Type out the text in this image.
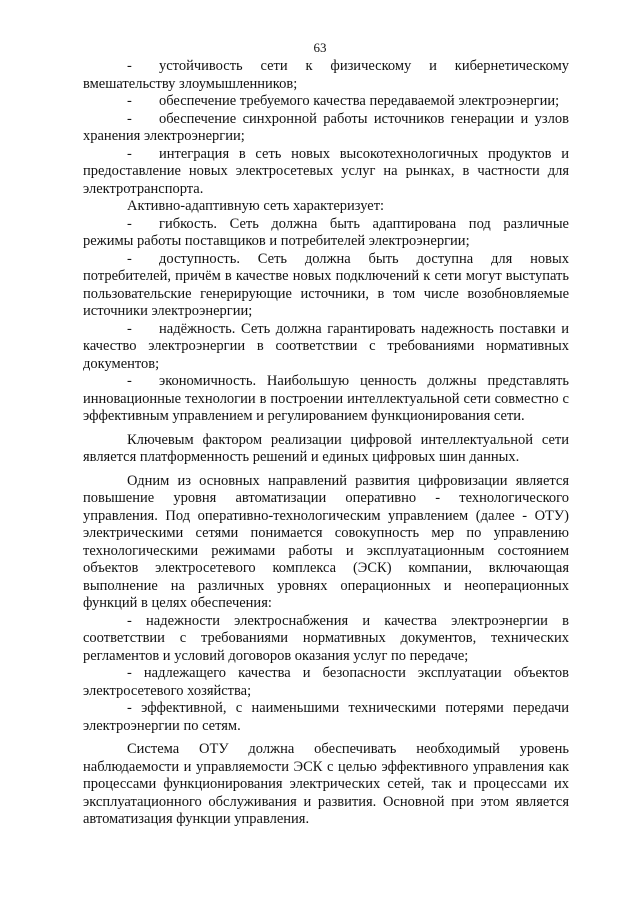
63

- устойчивость сети к физическому и кибернетическому вмешательству злоумышленников;

- обеспечение требуемого качества передаваемой электроэнергии;

- обеспечение синхронной работы источников генерации и узлов хранения электроэнергии;

- интеграция в сеть новых высокотехнологичных продуктов и предоставление новых электросетевых услуг на рынках, в частности для электротранспорта.

Активно-адаптивную сеть характеризует:

- гибкость. Сеть должна быть адаптирована под различные режимы работы поставщиков и потребителей электроэнергии;

- доступность. Сеть должна быть доступна для новых потребителей, причём в качестве новых подключений к сети могут выступать пользовательские генерирующие источники, в том числе возобновляемые источники электроэнергии;

- надёжность. Сеть должна гарантировать надежность поставки и качество электроэнергии в соответствии с требованиями нормативных документов;

- экономичность. Наибольшую ценность должны представлять инновационные технологии в построении интеллектуальной сети совместно с эффективным управлением и регулированием функционирования сети.

Ключевым фактором реализации цифровой интеллектуальной сети является платформенность решений и единых цифровых шин данных.

Одним из основных направлений развития цифровизации является повышение уровня автоматизации оперативно - технологического управления. Под оперативно-технологическим управлением (далее - ОТУ) электрическими сетями понимается совокупность мер по управлению технологическими режимами работы и эксплуатационным состоянием объектов электросетевого комплекса (ЭСК) компании, включающая выполнение на различных уровнях операционных и неоперационных функций в целях обеспечения:

- надежности электроснабжения и качества электроэнергии в соответствии с требованиями нормативных документов, технических регламентов и условий договоров оказания услуг по передаче;

- надлежащего качества и безопасности эксплуатации объектов электросетевого хозяйства;

- эффективной, с наименьшими техническими потерями передачи электроэнергии по сетям.

Система ОТУ должна обеспечивать необходимый уровень наблюдаемости и управляемости ЭСК с целью эффективного управления как процессами функционирования электрических сетей, так и процессами их эксплуатационного обслуживания и развития. Основной при этом является автоматизация функции управления.
